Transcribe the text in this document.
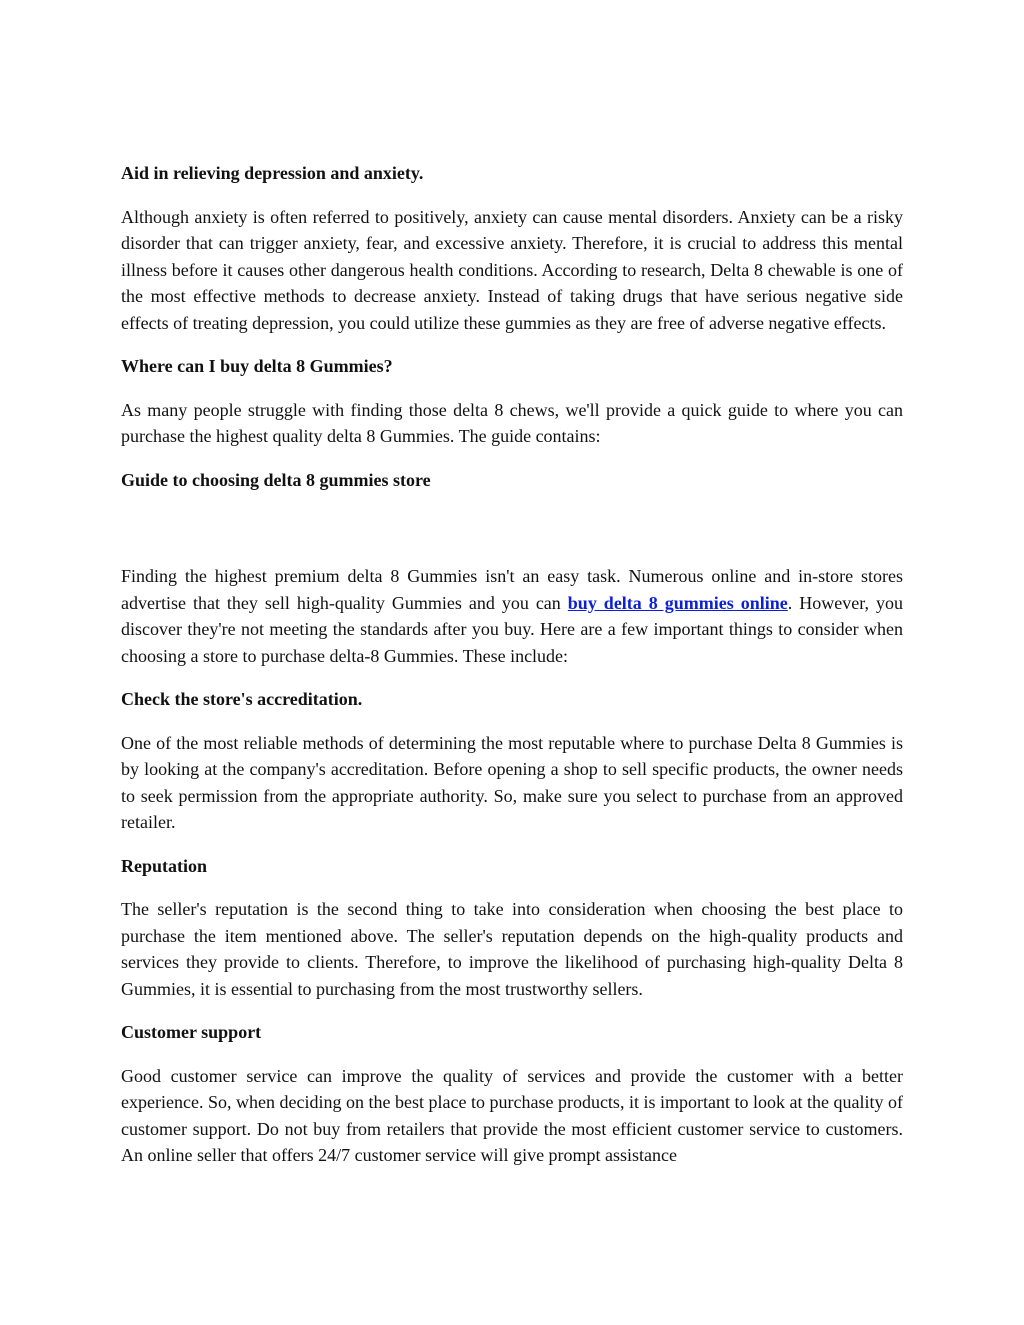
Aid in relieving depression and anxiety.

Although anxiety is often referred to positively, anxiety can cause mental disorders. Anxiety can be a risky disorder that can trigger anxiety, fear, and excessive anxiety. Therefore, it is crucial to address this mental illness before it causes other dangerous health conditions. According to research, Delta 8 chewable is one of the most effective methods to decrease anxiety. Instead of taking drugs that have serious negative side effects of treating depression, you could utilize these gummies as they are free of adverse negative effects.

Where can I buy delta 8 Gummies?

As many people struggle with finding those delta 8 chews, we'll provide a quick guide to where you can purchase the highest quality delta 8 Gummies. The guide contains:

Guide to choosing delta 8 gummies store

Finding the highest premium delta 8 Gummies isn't an easy task. Numerous online and in-store stores advertise that they sell high-quality Gummies and you can buy delta 8 gummies online. However, you discover they're not meeting the standards after you buy. Here are a few important things to consider when choosing a store to purchase delta-8 Gummies. These include:

Check the store's accreditation.

One of the most reliable methods of determining the most reputable where to purchase Delta 8 Gummies is by looking at the company's accreditation. Before opening a shop to sell specific products, the owner needs to seek permission from the appropriate authority. So, make sure you select to purchase from an approved retailer.

Reputation

The seller's reputation is the second thing to take into consideration when choosing the best place to purchase the item mentioned above. The seller's reputation depends on the high-quality products and services they provide to clients. Therefore, to improve the likelihood of purchasing high-quality Delta 8 Gummies, it is essential to purchasing from the most trustworthy sellers.

Customer support

Good customer service can improve the quality of services and provide the customer with a better experience. So, when deciding on the best place to purchase products, it is important to look at the quality of customer support. Do not buy from retailers that provide the most efficient customer service to customers. An online seller that offers 24/7 customer service will give prompt assistance
